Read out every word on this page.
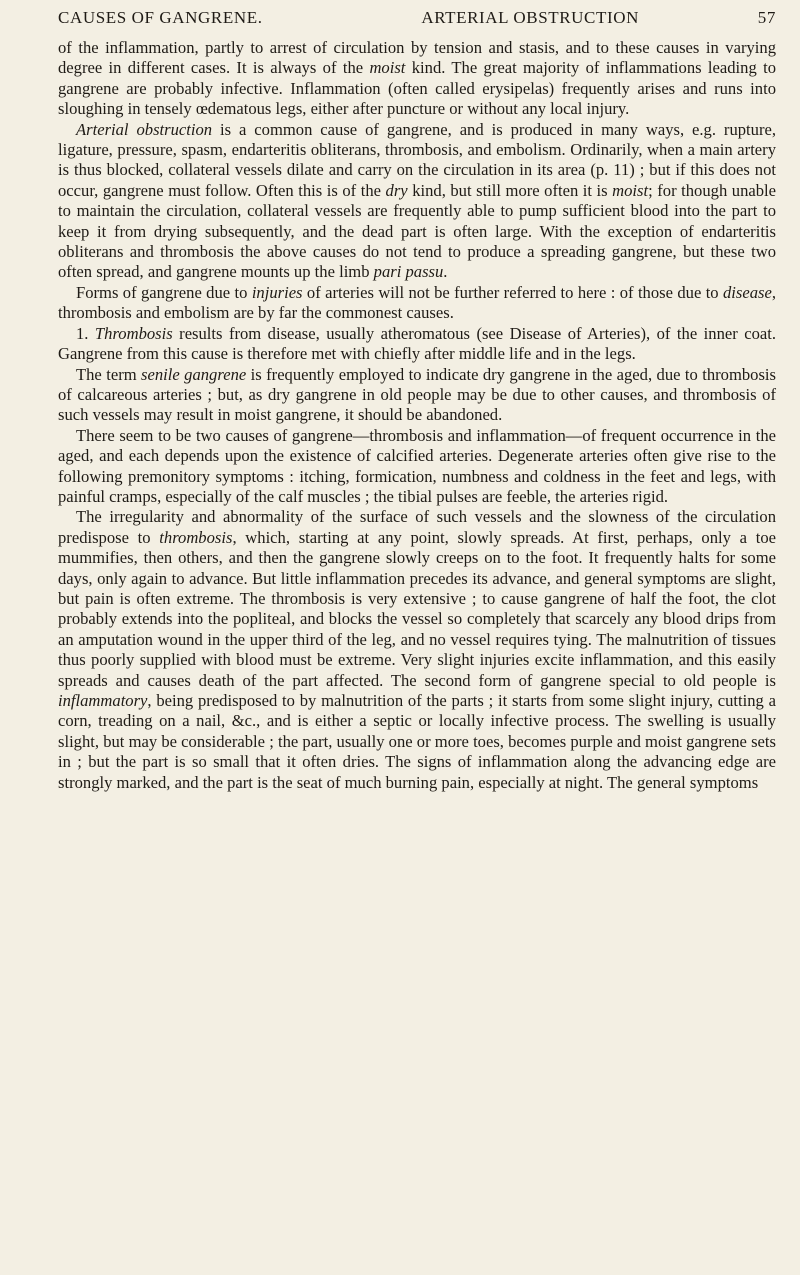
CAUSES OF GANGRENE.	ARTERIAL OBSTRUCTION	57

of the inflammation, partly to arrest of circulation by tension and stasis, and to these causes in varying degree in different cases. It is always of the moist kind. The great majority of inflammations leading to gangrene are probably infective. Inflammation (often called erysipelas) frequently arises and runs into sloughing in tensely œdematous legs, either after puncture or without any local injury.

Arterial obstruction is a common cause of gangrene, and is produced in many ways, e.g. rupture, ligature, pressure, spasm, endarteritis obliterans, thrombosis, and embolism. Ordinarily, when a main artery is thus blocked, collateral vessels dilate and carry on the circulation in its area (p. 11) ; but if this does not occur, gangrene must follow. Often this is of the dry kind, but still more often it is moist; for though unable to maintain the circulation, collateral vessels are frequently able to pump sufficient blood into the part to keep it from drying subsequently, and the dead part is often large. With the exception of endarteritis obliterans and thrombosis the above causes do not tend to produce a spreading gangrene, but these two often spread, and gangrene mounts up the limb pari passu.

Forms of gangrene due to injuries of arteries will not be further referred to here : of those due to disease, thrombosis and embolism are by far the commonest causes.

1. Thrombosis results from disease, usually atheromatous (see Disease of Arteries), of the inner coat. Gangrene from this cause is therefore met with chiefly after middle life and in the legs.

The term senile gangrene is frequently employed to indicate dry gangrene in the aged, due to thrombosis of calcareous arteries ; but, as dry gangrene in old people may be due to other causes, and thrombosis of such vessels may result in moist gangrene, it should be abandoned.

There seem to be two causes of gangrene—thrombosis and inflammation—of frequent occurrence in the aged, and each depends upon the existence of calcified arteries. Degenerate arteries often give rise to the following premonitory symptoms : itching, formication, numbness and coldness in the feet and legs, with painful cramps, especially of the calf muscles ; the tibial pulses are feeble, the arteries rigid.

The irregularity and abnormality of the surface of such vessels and the slowness of the circulation predispose to thrombosis, which, starting at any point, slowly spreads. At first, perhaps, only a toe mummifies, then others, and then the gangrene slowly creeps on to the foot. It frequently halts for some days, only again to advance. But little inflammation precedes its advance, and general symptoms are slight, but pain is often extreme. The thrombosis is very extensive ; to cause gangrene of half the foot, the clot probably extends into the popliteal, and blocks the vessel so completely that scarcely any blood drips from an amputation wound in the upper third of the leg, and no vessel requires tying. The malnutrition of tissues thus poorly supplied with blood must be extreme. Very slight injuries excite inflammation, and this easily spreads and causes death of the part affected. The second form of gangrene special to old people is inflammatory, being predisposed to by malnutrition of the parts ; it starts from some slight injury, cutting a corn, treading on a nail, &c., and is either a septic or locally infective process. The swelling is usually slight, but may be considerable ; the part, usually one or more toes, becomes purple and moist gangrene sets in ; but the part is so small that it often dries. The signs of inflammation along the advancing edge are strongly marked, and the part is the seat of much burning pain, especially at night. The general symptoms
